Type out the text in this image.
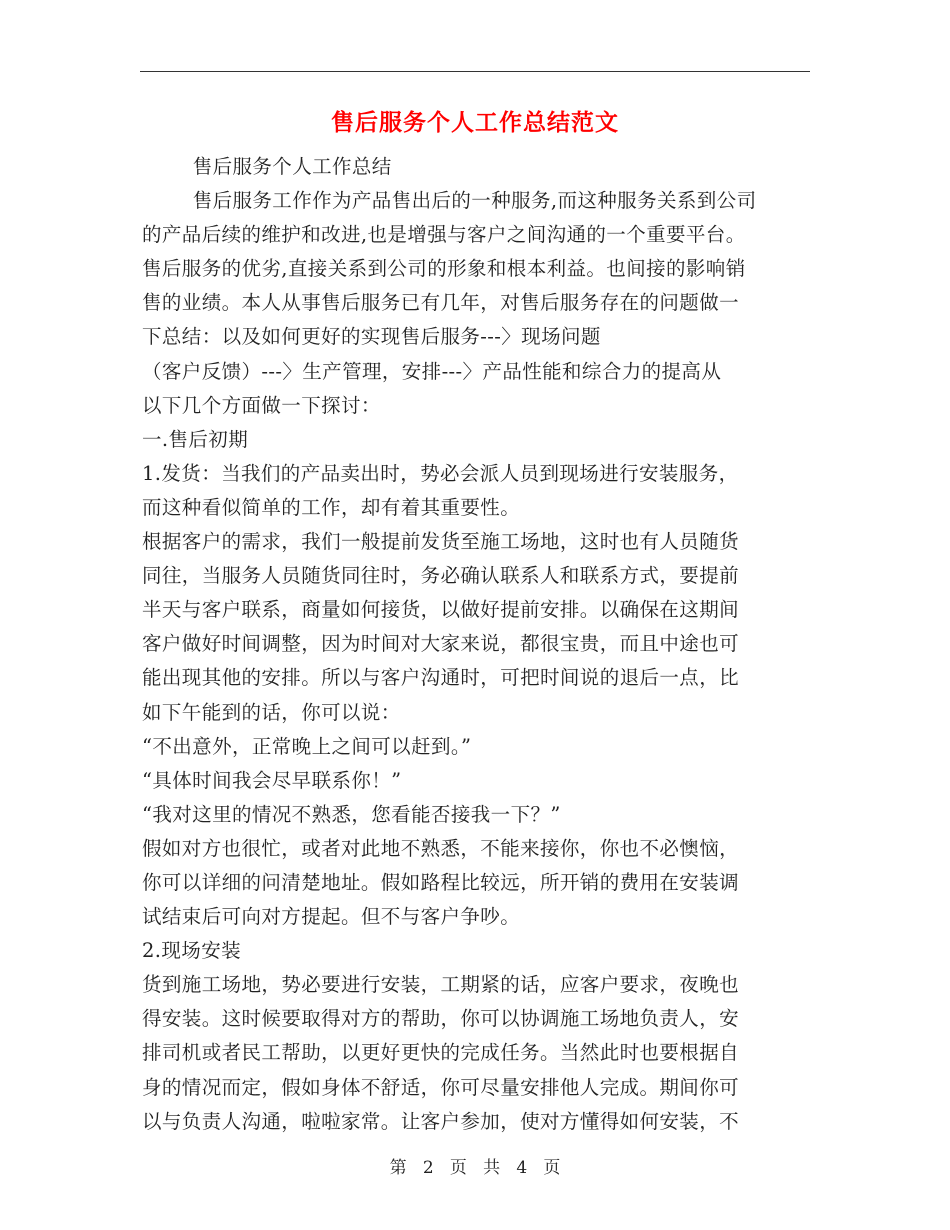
售后服务个人工作总结范文

售后服务个人工作总结

售后服务工作作为产品售出后的一种服务,而这种服务关系到公司

的产品后续的维护和改进,也是增强与客户之间沟通的一个重要平台。

售后服务的优劣,直接关系到公司的形象和根本利益。也间接的影响销

售的业绩。本人从事售后服务已有几年，对售后服务存在的问题做一

下总结：以及如何更好的实现售后服务---〉现场问题

（客户反馈）---〉生产管理，安排---〉产品性能和综合力的提高从

以下几个方面做一下探讨：

一.售后初期

1.发货：当我们的产品卖出时，势必会派人员到现场进行安装服务，

而这种看似简单的工作，却有着其重要性。

根据客户的需求，我们一般提前发货至施工场地，这时也有人员随货

同往，当服务人员随货同往时，务必确认联系人和联系方式，要提前

半天与客户联系，商量如何接货，以做好提前安排。以确保在这期间

客户做好时间调整，因为时间对大家来说，都很宝贵，而且中途也可

能出现其他的安排。所以与客户沟通时，可把时间说的退后一点，比

如下午能到的话，你可以说：

“不出意外，正常晚上之间可以赶到。”

“具体时间我会尽早联系你！”

“我对这里的情况不熟悉，您看能否接我一下？”

假如对方也很忙，或者对此地不熟悉，不能来接你，你也不必懊恼，

你可以详细的问清楚地址。假如路程比较远，所开销的费用在安装调

试结束后可向对方提起。但不与客户争吵。

2.现场安装

货到施工场地，势必要进行安装，工期紧的话，应客户要求，夜晚也

得安装。这时候要取得对方的帮助，你可以协调施工场地负责人，安

排司机或者民工帮助，以更好更快的完成任务。当然此时也要根据自

身的情况而定，假如身体不舒适，你可尽量安排他人完成。期间你可

以与负责人沟通，啦啦家常。让客户参加，使对方懂得如何安装，不

第 2 页 共 4 页
